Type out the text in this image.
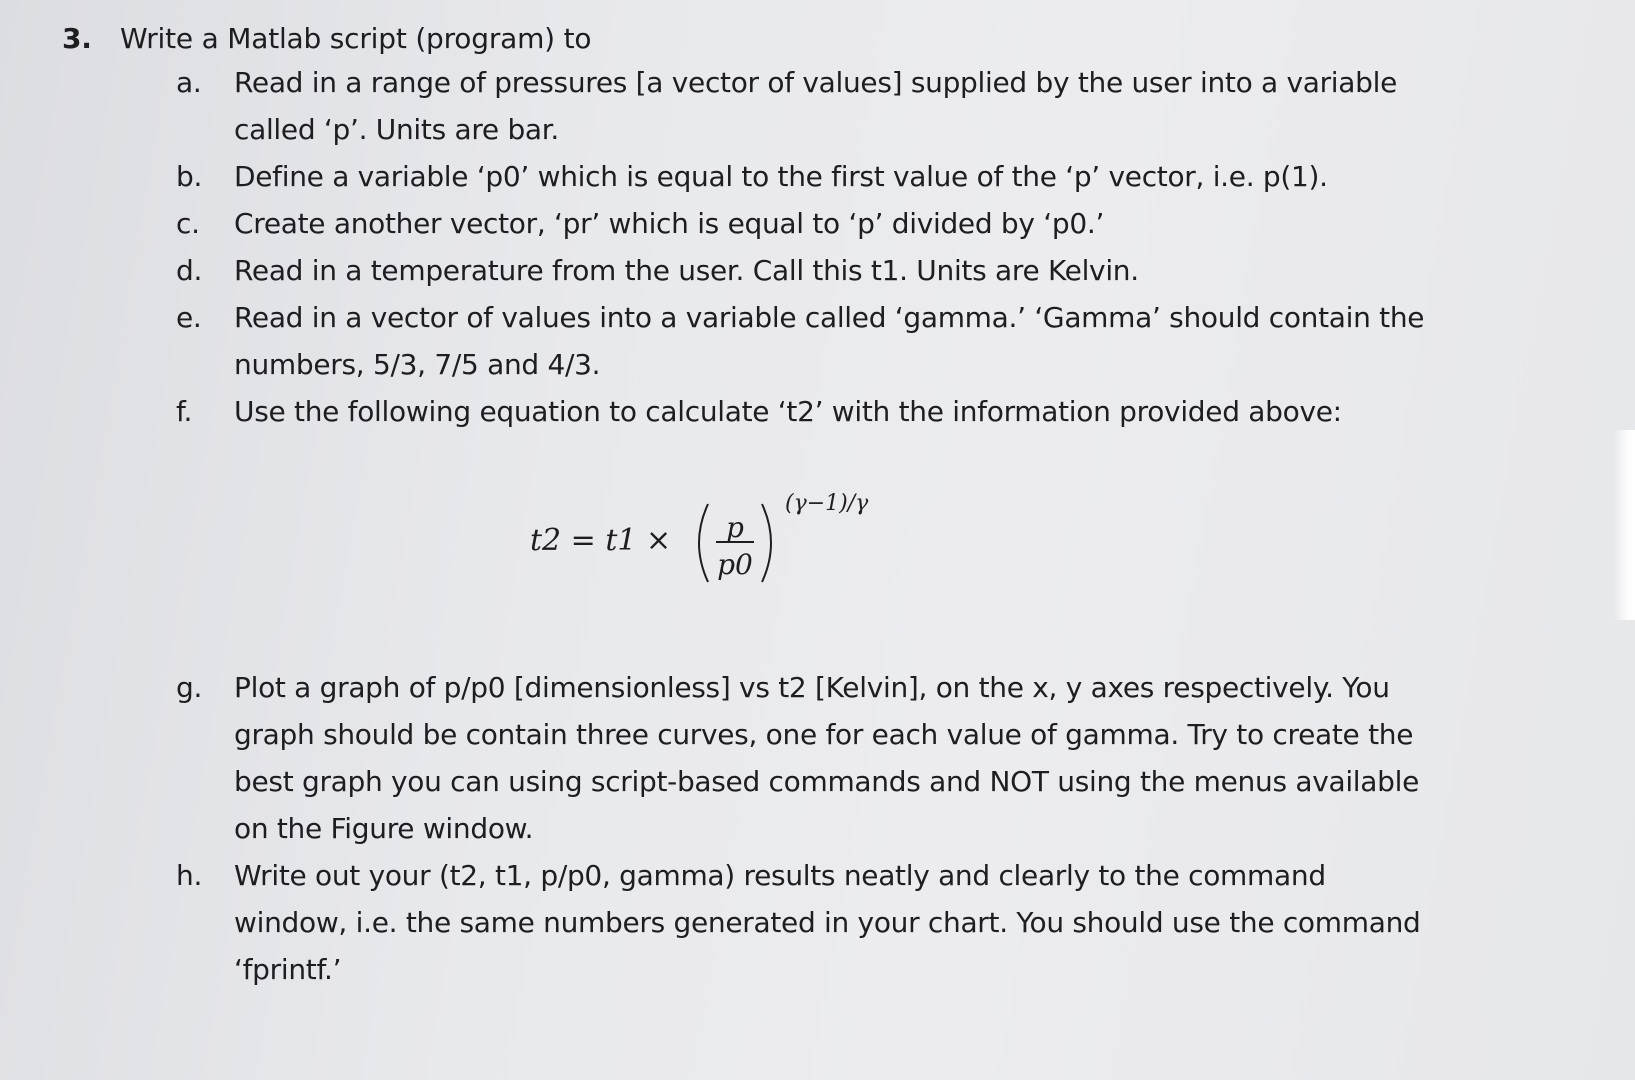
3. Write a Matlab script (program) to
a. Read in a range of pressures [a vector of values] supplied by the user into a variable called ‘p’. Units are bar.
b. Define a variable ‘p0’ which is equal to the first value of the ‘p’ vector, i.e. p(1).
c. Create another vector, ‘pr’ which is equal to ‘p’ divided by ‘p0.’
d. Read in a temperature from the user. Call this t1. Units are Kelvin.
e. Read in a vector of values into a variable called ‘gamma.’ ‘Gamma’ should contain the numbers, 5/3, 7/5 and 4/3.
f. Use the following equation to calculate ‘t2’ with the information provided above:
t2 = t1 × p
p0
(γ−1)/γ
g. Plot a graph of p/p0 [dimensionless] vs t2 [Kelvin], on the x, y axes respectively. You graph should be contain three curves, one for each value of gamma. Try to create the best graph you can using script-based commands and NOT using the menus available on the Figure window.
h. Write out your (t2, t1, p/p0, gamma) results neatly and clearly to the command window, i.e. the same numbers generated in your chart. You should use the command ‘fprintf.’
